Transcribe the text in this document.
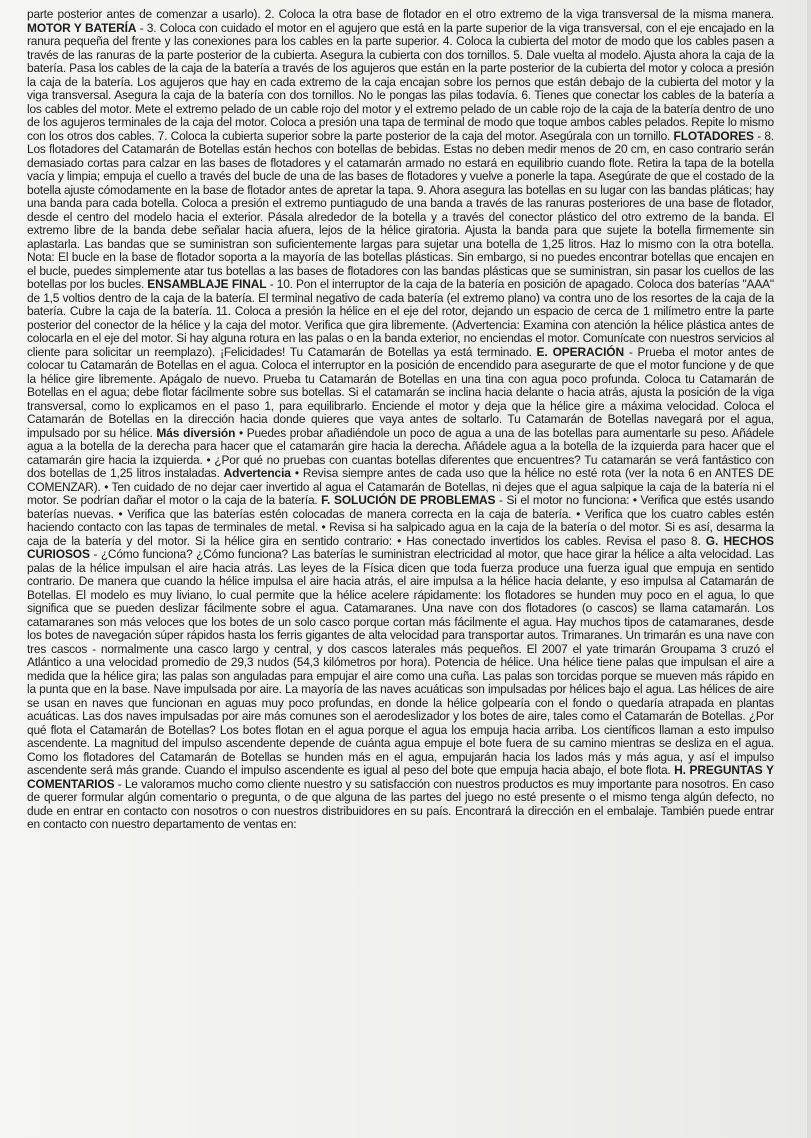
parte posterior antes de comenzar a usarlo). 2. Coloca la otra base de flotador en el otro extremo de la viga transversal de la misma manera. MOTOR Y BATERÍA - 3. Coloca con cuidado el motor en el agujero que está en la parte superior de la viga transversal, con el eje encajado en la ranura pequeña del frente y las conexiones para los cables en la parte superior. 4. Coloca la cubierta del motor de modo que los cables pasen a través de las ranuras de la parte posterior de la cubierta. Asegura la cubierta con dos tornillos. 5. Dale vuelta al modelo. Ajusta ahora la caja de la batería. Pasa los cables de la caja de la batería a través de los agujeros que están en la parte posterior de la cubierta del motor y coloca a presión la caja de la batería. Los agujeros que hay en cada extremo de la caja encajan sobre los pernos que están debajo de la cubierta del motor y la viga transversal. Asegura la caja de la batería con dos tornillos. No le pongas las pilas todavía. 6. Tienes que conectar los cables de la batería a los cables del motor. Mete el extremo pelado de un cable rojo del motor y el extremo pelado de un cable rojo de la caja de la batería dentro de uno de los agujeros terminales de la caja del motor. Coloca a presión una tapa de terminal de modo que toque ambos cables pelados. Repite lo mismo con los otros dos cables. 7. Coloca la cubierta superior sobre la parte posterior de la caja del motor. Asegúrala con un tornillo. FLOTADORES - 8. Los flotadores del Catamarán de Botellas están hechos con botellas de bebidas. Estas no deben medir menos de 20 cm, en caso contrario serán demasiado cortas para calzar en las bases de flotadores y el catamarán armado no estará en equilibrio cuando flote. Retira la tapa de la botella vacía y limpia; empuja el cuello a través del bucle de una de las bases de flotadores y vuelve a ponerle la tapa. Asegúrate de que el costado de la botella ajuste cómodamente en la base de flotador antes de apretar la tapa. 9. Ahora asegura las botellas en su lugar con las bandas pláticas; hay una banda para cada botella. Coloca a presión el extremo puntiagudo de una banda a través de las ranuras posteriores de una base de flotador, desde el centro del modelo hacia el exterior. Pásala alrededor de la botella y a través del conector plástico del otro extremo de la banda. El extremo libre de la banda debe señalar hacia afuera, lejos de la hélice giratoria. Ajusta la banda para que sujete la botella firmemente sin aplastarla. Las bandas que se suministran son suficientemente largas para sujetar una botella de 1,25 litros. Haz lo mismo con la otra botella. Nota: El bucle en la base de flotador soporta a la mayoría de las botellas plásticas. Sin embargo, si no puedes encontrar botellas que encajen en el bucle, puedes simplemente atar tus botellas a las bases de flotadores con las bandas plásticas que se suministran, sin pasar los cuellos de las botellas por los bucles. ENSAMBLAJE FINAL - 10. Pon el interruptor de la caja de la batería en posición de apagado. Coloca dos baterías "AAA" de 1,5 voltios dentro de la caja de la batería. El terminal negativo de cada batería (el extremo plano) va contra uno de los resortes de la caja de la batería. Cubre la caja de la batería. 11. Coloca a presión la hélice en el eje del rotor, dejando un espacio de cerca de 1 milímetro entre la parte posterior del conector de la hélice y la caja del motor. Verifica que gira libremente. (Advertencia: Examina con atención la hélice plástica antes de colocarla en el eje del motor. Si hay alguna rotura en las palas o en la banda exterior, no enciendas el motor. Comunícate con nuestros servicios al cliente para solicitar un reemplazo). ¡Felicidades! Tu Catamarán de Botellas ya está terminado. E. OPERACIÓN - Prueba el motor antes de colocar tu Catamarán de Botellas en el agua. Coloca el interruptor en la posición de encendido para asegurarte de que el motor funcione y de que la hélice gire libremente. Apágalo de nuevo. Prueba tu Catamarán de Botellas en una tina con agua poco profunda. Coloca tu Catamarán de Botellas en el agua; debe flotar fácilmente sobre sus botellas. Si el catamarán se inclina hacia delante o hacia atrás, ajusta la posición de la viga transversal, como lo explicamos en el paso 1, para equilibrarlo. Enciende el motor y deja que la hélice gire a máxima velocidad. Coloca el Catamarán de Botellas en la dirección hacia donde quieres que vaya antes de soltarlo. Tu Catamarán de Botellas navegará por el agua, impulsado por su hélice. Más diversión • Puedes probar añadiéndole un poco de agua a una de las botellas para aumentarle su peso. Añádele agua a la botella de la derecha para hacer que el catamarán gire hacia la derecha. Añádele agua a la botella de la izquierda para hacer que el catamarán gire hacia la izquierda. • ¿Por qué no pruebas con cuantas botellas diferentes que encuentres? Tu catamarán se verá fantástico con dos botellas de 1,25 litros instaladas. Advertencia • Revisa siempre antes de cada uso que la hélice no esté rota (ver la nota 6 en ANTES DE COMENZAR). • Ten cuidado de no dejar caer invertido al agua el Catamarán de Botellas, ni dejes que el agua salpique la caja de la batería ni el motor. Se podrían dañar el motor o la caja de la batería. F. SOLUCIÓN DE PROBLEMAS - Si el motor no funciona: • Verifica que estés usando baterías nuevas. • Verifica que las baterías estén colocadas de manera correcta en la caja de batería. • Verifica que los cuatro cables estén haciendo contacto con las tapas de terminales de metal. • Revisa si ha salpicado agua en la caja de la batería o del motor. Si es así, desarma la caja de la batería y del motor. Si la hélice gira en sentido contrario: • Has conectado invertidos los cables. Revisa el paso 8. G. HECHOS CURIOSOS - ¿Cómo funciona? ¿Cómo funciona? Las baterías le suministran electricidad al motor, que hace girar la hélice a alta velocidad. Las palas de la hélice impulsan el aire hacia atrás. Las leyes de la Física dicen que toda fuerza produce una fuerza igual que empuja en sentido contrario. De manera que cuando la hélice impulsa el aire hacia atrás, el aire impulsa a la hélice hacia delante, y eso impulsa al Catamarán de Botellas. El modelo es muy liviano, lo cual permite que la hélice acelere rápidamente: los flotadores se hunden muy poco en el agua, lo que significa que se pueden deslizar fácilmente sobre el agua. Catamaranes. Una nave con dos flotadores (o cascos) se llama catamarán. Los catamaranes son más veloces que los botes de un solo casco porque cortan más fácilmente el agua. Hay muchos tipos de catamaranes, desde los botes de navegación súper rápidos hasta los ferris gigantes de alta velocidad para transportar autos. Trimaranes. Un trimarán es una nave con tres cascos - normalmente una casco largo y central, y dos cascos laterales más pequeños. El 2007 el yate trimarán Groupama 3 cruzó el Atlántico a una velocidad promedio de 29,3 nudos (54,3 kilómetros por hora). Potencia de hélice. Una hélice tiene palas que impulsan el aire a medida que la hélice gira; las palas son anguladas para empujar el aire como una cuña. Las palas son torcidas porque se mueven más rápido en la punta que en la base. Nave impulsada por aire. La mayoría de las naves acuáticas son impulsadas por hélices bajo el agua. Las hélices de aire se usan en naves que funcionan en aguas muy poco profundas, en donde la hélice golpearía con el fondo o quedaría atrapada en plantas acuáticas. Las dos naves impulsadas por aire más comunes son el aerodeslizador y los botes de aire, tales como el Catamarán de Botellas. ¿Por qué flota el Catamarán de Botellas? Los botes flotan en el agua porque el agua los empuja hacia arriba. Los científicos llaman a esto impulso ascendente. La magnitud del impulso ascendente depende de cuánta agua empuje el bote fuera de su camino mientras se desliza en el agua. Como los flotadores del Catamarán de Botellas se hunden más en el agua, empujarán hacia los lados más y más agua, y así el impulso ascendente será más grande. Cuando el impulso ascendente es igual al peso del bote que empuja hacia abajo, el bote flota. H. PREGUNTAS Y COMENTARIOS - Le valoramos mucho como cliente nuestro y su satisfacción con nuestros productos es muy importante para nosotros. En caso de querer formular algún comentario o pregunta, o de que alguna de las partes del juego no esté presente o el mismo tenga algún defecto, no dude en entrar en contacto con nosotros o con nuestros distribuidores en su país. Encontrará la dirección en el embalaje. También puede entrar en contacto con nuestro departamento de ventas en:
